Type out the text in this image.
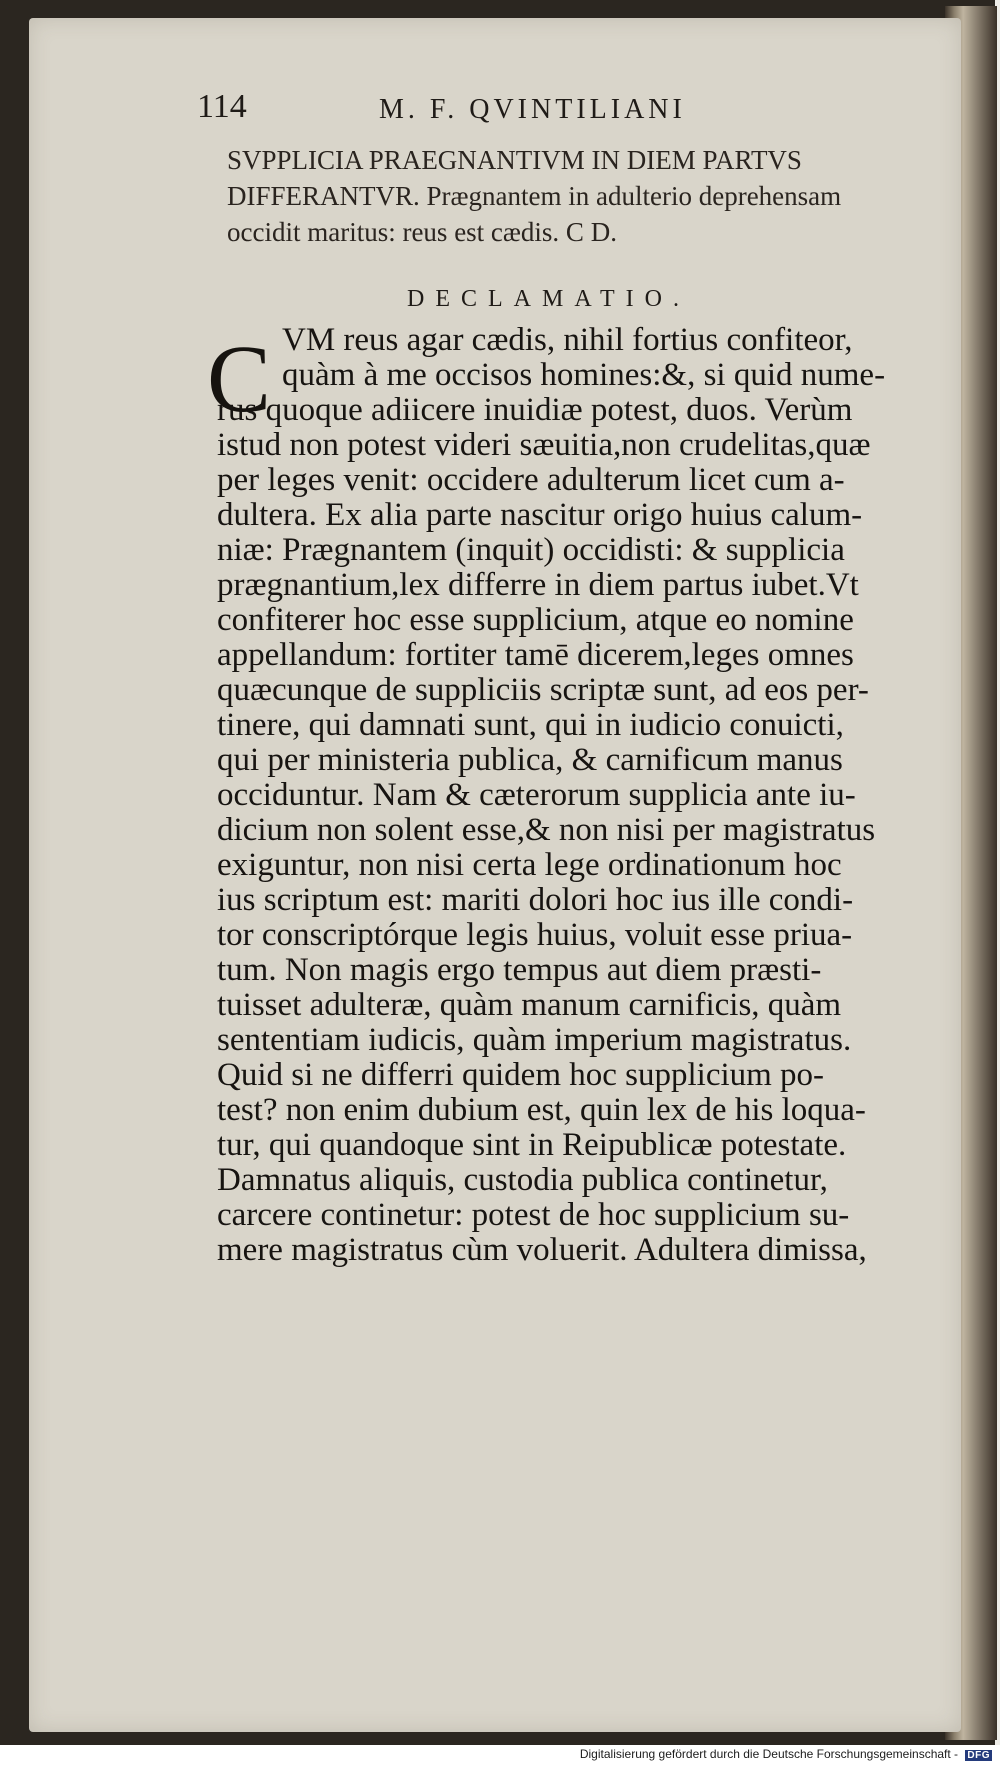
114	M. F. QVINTILIANI
SVPPLICIA PRAEGNANTIVM IN DIEM PARTVS
DIFFERANTVR. Prægnantem in adulterio deprehensam
occidit maritus: reus est cædis. C D.
DECLAMATIO.
C VM reus agar cædis, nihil fortius confiteor,
quàm à me occisos homines:&, si quid nume-
rus quoque adiicere inuidiæ potest, duos. Verùm
istud non potest videri sæuitia,non crudelitas,quæ
per leges venit: occidere adulterum licet cum a-
dultera. Ex alia parte nascitur origo huius calum-
niæ: Prægnantem (inquit) occidisti: & supplicia
prægnantium,lex differre in diem partus iubet.Vt
confiterer hoc esse supplicium, atque eo nomine
appellandum: fortiter tamē dicerem,leges omnes
quæcunque de suppliciis scriptæ sunt, ad eos per-
tinere, qui damnati sunt, qui in iudicio conuicti,
qui per ministeria publica, & carnificum manus
occiduntur. Nam & cæterorum supplicia ante iu-
dicium non solent esse,& non nisi per magistratus
exiguntur, non nisi certa lege ordinationum hoc
ius scriptum est: mariti dolori hoc ius ille condi-
tor conscriptórque legis huius, voluit esse priua-
tum. Non magis ergo tempus aut diem præsti-
tuisset adulteræ, quàm manum carnificis, quàm
sententiam iudicis, quàm imperium magistratus.
Quid si ne differri quidem hoc supplicium po-
test? non enim dubium est, quin lex de his loqua-
tur, qui quandoque sint in Reipublicæ potestate.
Damnatus aliquis, custodia publica continetur,
carcere continetur: potest de hoc supplicium su-
mere magistratus cùm voluerit. Adultera dimissa,
Digitalisierung gefördert durch die Deutsche Forschungsgemeinschaft - DFG
